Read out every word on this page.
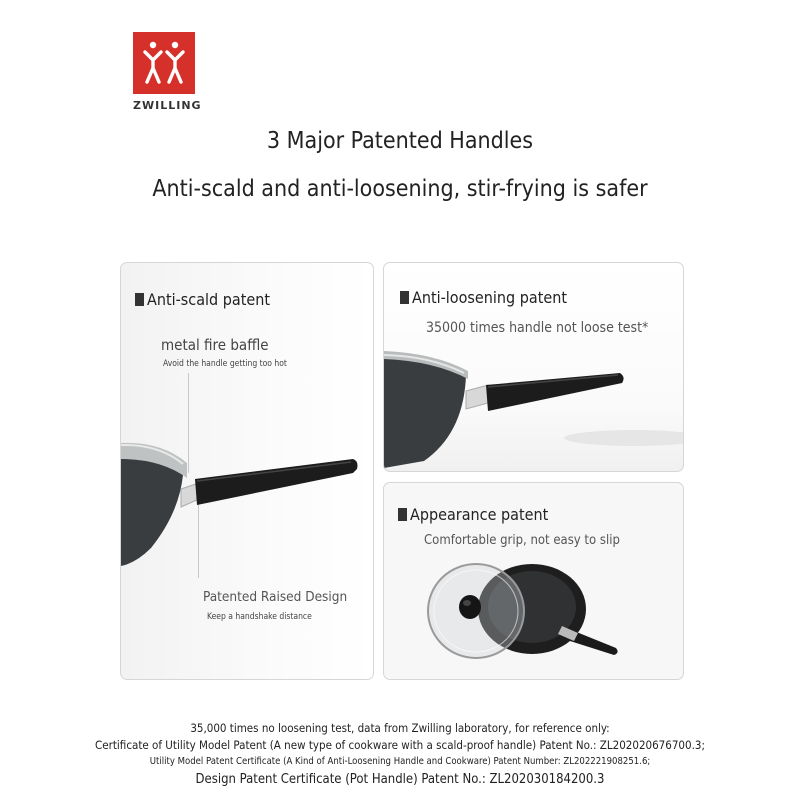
ZWILLING
3 Major Patented Handles
Anti-scald and anti-loosening, stir-frying is safer
Anti-scald patent
metal fire baffle
Avoid the handle getting too hot
Patented Raised Design
Keep a handshake distance
Anti-loosening patent
35000 times handle not loose test*
Appearance patent
Comfortable grip, not easy to slip
35,000 times no loosening test, data from Zwilling laboratory, for reference only:
Certificate of Utility Model Patent (A new type of cookware with a scald-proof handle) Patent No.: ZL202020676700.3;
Utility Model Patent Certificate (A Kind of Anti-Loosening Handle and Cookware) Patent Number: ZL202221908251.6;
Design Patent Certificate (Pot Handle) Patent No.: ZL202030184200.3
